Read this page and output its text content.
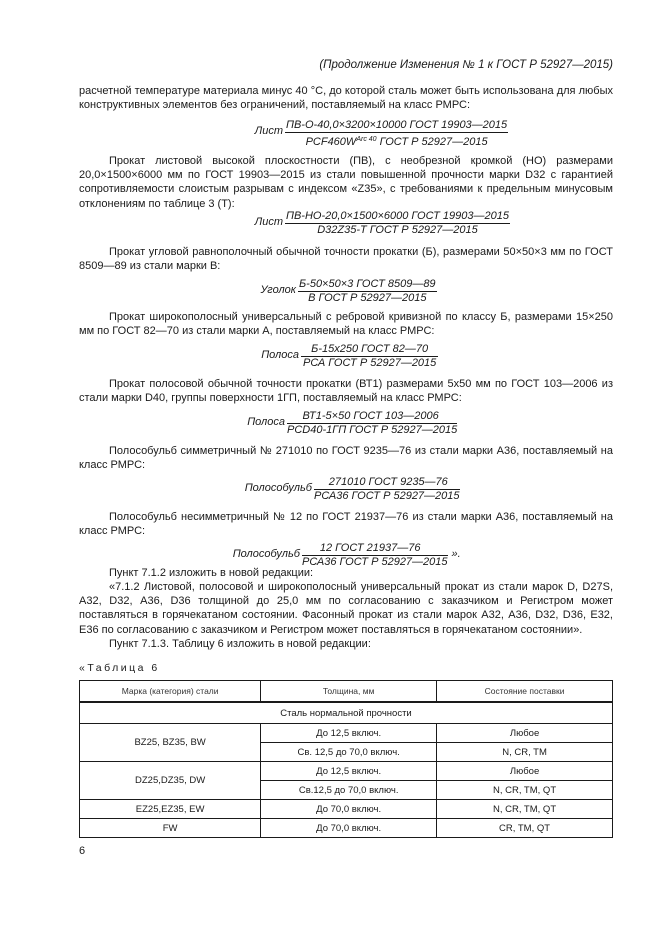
(Продолжение Изменения № 1 к ГОСТ Р 52927—2015)
расчетной температуре материала минус 40 °С, до которой сталь может быть использована для любых конструктивных элементов без ограничений, поставляемый на класс РМРС:
Лист ПВ-О-40,0×3200×10000 ГОСТ 19903—2015
$РСF460W^{Arc 40}$ ГОСТ Р 52927—2015
Прокат листовой высокой плоскостности (ПВ), с необрезной кромкой (НО) размерами 20,0×1500×6000 мм по ГОСТ 19903—2015 из стали повышенной прочности марки D32 с гарантией сопротивляемости слоистым разрывам с индексом «Z35», с требованиями к предельным минусовым отклонениям по таблице 3 (Т):
Лист ПВ-НО-20,0×1500×6000 ГОСТ 19903—2015
D32Z35-T ГОСТ Р 52927—2015
Прокат угловой равнополочный обычной точности прокатки (Б), размерами 50×50×3 мм по ГОСТ 8509—89 из стали марки В:
Уголок Б-50×50×3 ГОСТ 8509—89
В ГОСТ Р 52927—2015
Прокат широкополосный универсальный с ребровой кривизной по классу Б, размерами 15×250 мм по ГОСТ 82—70 из стали марки А, поставляемый на класс РМРС:
Полоса Б-15x250 ГОСТ 82—70
РСА ГОСТ Р 52927—2015
Прокат полосовой обычной точности прокатки (ВТ1) размерами 5х50 мм по ГОСТ 103—2006 из стали марки D40, группы поверхности 1ГП, поставляемый на класс РМРС:
Полоса ВТ1-5×50 ГОСТ 103—2006
PCD40-1ГП ГОСТ Р 52927—2015
Полособульб симметричный № 271010 по ГОСТ 9235—76 из стали марки А36, поставляемый на класс РМРС:
Полособульб 271010 ГОСТ 9235—76
РСА36 ГОСТ Р 52927—2015
Полособульб несимметричный № 12 по ГОСТ 21937—76 из стали марки А36, поставляемый на класс РМРС:
Полособульб 12 ГОСТ 21937—76
РСА36 ГОСТ Р 52927—2015
».
Пункт 7.1.2 изложить в новой редакции:
«7.1.2 Листовой, полосовой и широкополосный универсальный прокат из стали марок D, D27S, А32, D32, А36, D36 толщиной до 25,0 мм по согласованию с заказчиком и Регистром может поставляться в горячекатаном состоянии. Фасонный прокат из стали марок А32, А36, D32, D36, Е32, Е36 по согласованию с заказчиком и Регистром может поставляться в горячекатаном состоянии».
Пункт 7.1.3. Таблицу 6 изложить в новой редакции:
«Таблица 6
Марка (категория) стали	Толщина, мм	Состояние поставки
Сталь нормальной прочности		
BZ25, BZ35, BW	До 12,5 включ.	Любое
	Св. 12,5 до 70,0 включ.	N, CR, TM
DZ25,DZ35, DW	До 12,5 включ.	Любое
	Св.12,5 до 70,0 включ.	N, CR, TM, QT
EZ25,EZ35, EW	До 70,0 включ.	N, CR, TM, QT
FW	До 70,0 включ.	CR, TM, QT
6
